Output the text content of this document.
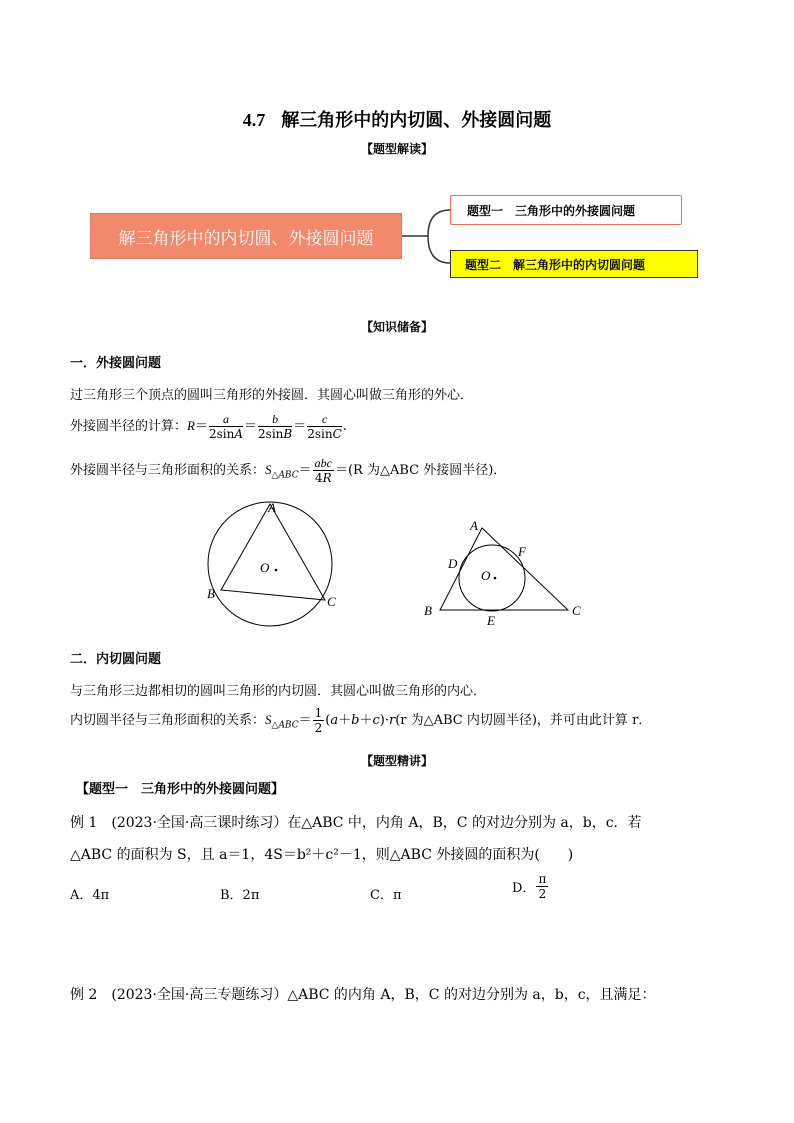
4.7 解三角形中的内切圆、外接圆问题
【题型解读】
解三角形中的内切圆、外接圆问题
题型一　三角形中的外接圆问题
题型二　解三角形中的内切圆问题
【知识储备】
一．外接圆问题
过三角形三个顶点的圆叫三角形的外接圆．其圆心叫做三角形的外心．
外接圆半径的计算：$R= \frac{a}{2\sin A} = \frac{b}{2\sin B} = \frac{c}{2\sin C}$ .
外接圆半径与三角形面积的关系：$S_{\triangle ABC}= \frac{\text{abc}}{4R} =(R$ 为△ABC 外接圆半径)．
A
B
C
O
A
B	C
D
E
F
O
二．内切圆问题
与三角形三边都相切的圆叫三角形的内切圆．其圆心叫做三角形的内心．
内切圆半径与三角形面积的关系：$S_{\triangle ABC}= \frac{1}{2} (a+b+c)\cdot r(r$ 为△ABC 内切圆半径)，并可由此计算 r．
【题型精讲】
【题型一　三角形中的外接圆问题】
例 1　(2023·全国·高三课时练习）在△ABC 中，内角 A，B，C 的对边分别为 a，b，c．若
△ABC 的面积为 S，且 a＝1，4S＝b²＋c²－1，则△ABC 外接圆的面积为(　　)
A．4π	B．2π	C．π	D． $\frac{\pi}{2}$
例 2　(2023·全国·高三专题练习）△ABC 的内角 A，B，C 的对边分别为 a，b，c，且满足：
